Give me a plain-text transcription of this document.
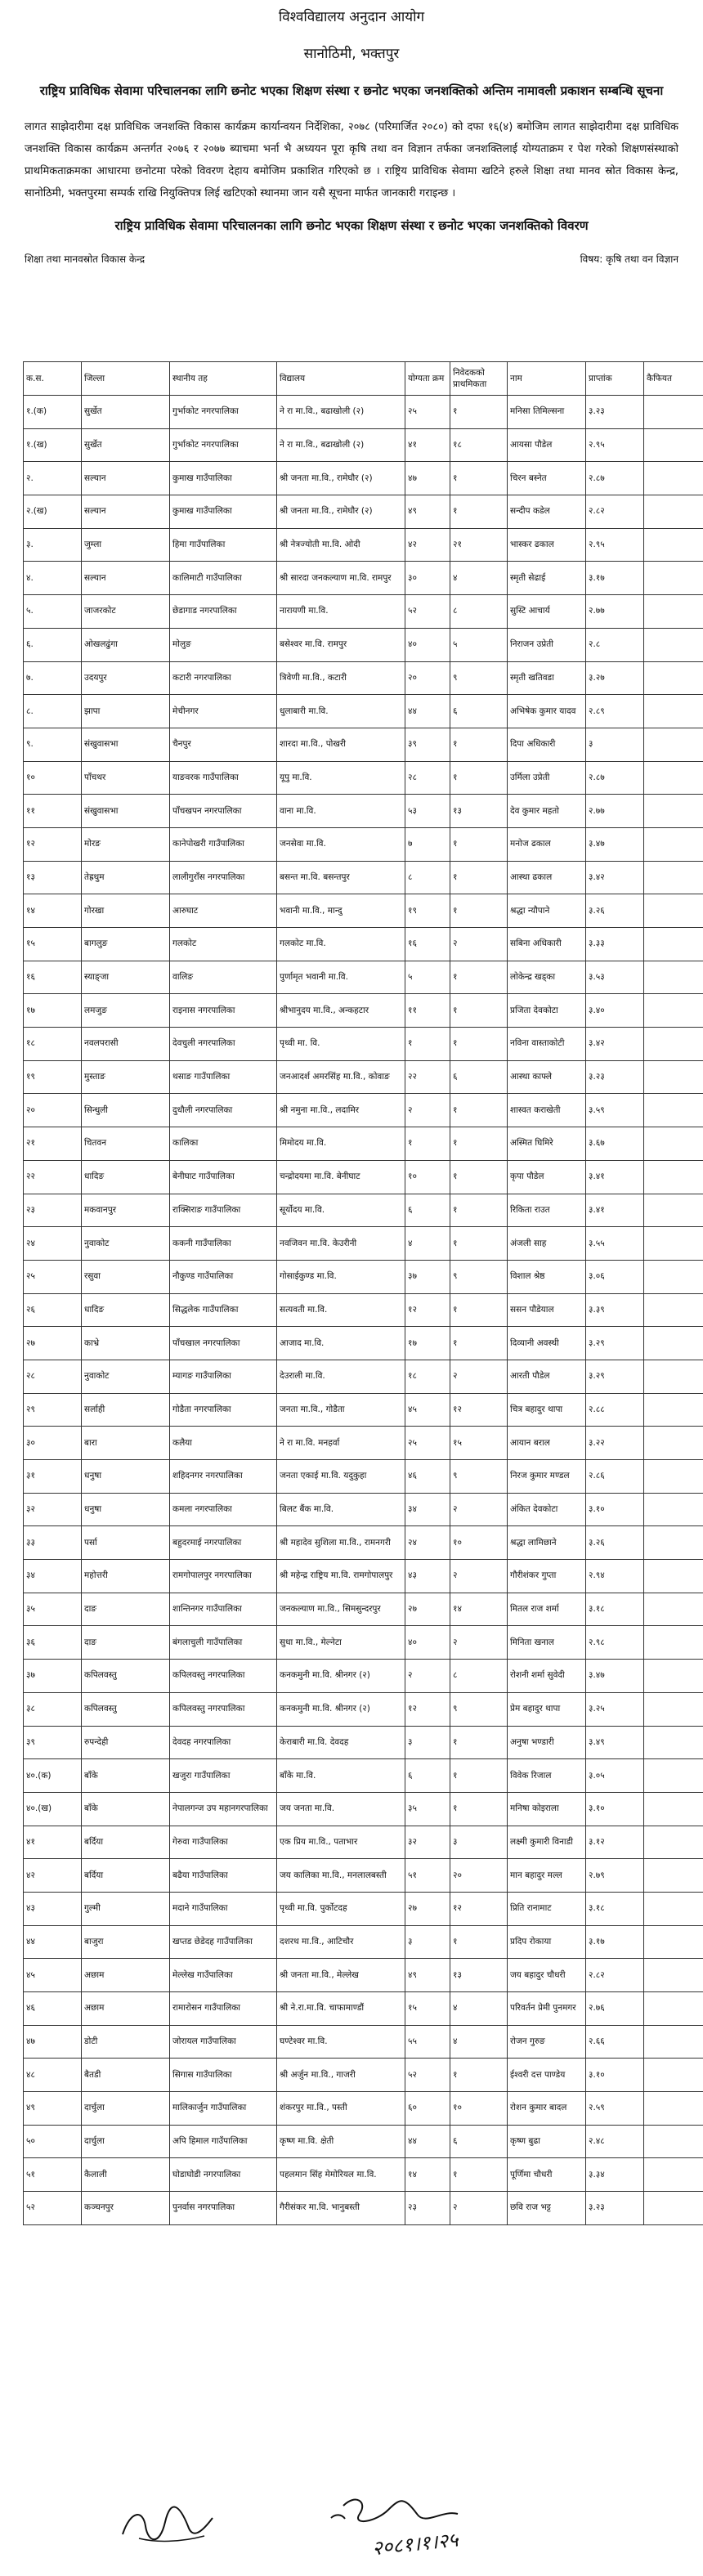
विश्वविद्यालय अनुदान आयोग
सानोठिमी, भक्तपुर
राष्ट्रिय प्राविधिक सेवामा परिचालनका लागि छनोट भएका शिक्षण संस्था र छनोट भएका जनशक्तिको अन्तिम नामावली प्रकाशन सम्बन्धि सूचना
लागत साझेदारीमा दक्ष प्राविधिक जनशक्ति विकास कार्यक्रम कार्यान्वयन निर्देशिका, २०७८ (परिमार्जित २०८०) को दफा १६(४) बमोजिम लागत साझेदारीमा दक्ष प्राविधिक जनशक्ति विकास कार्यक्रम अन्तर्गत २०७६ र २०७७ ब्याचमा भर्ना भै अध्ययन पूरा कृषि तथा वन विज्ञान तर्फका जनशक्तिलाई योग्यताक्रम र पेश गरेको शिक्षणसंस्थाको प्राथमिकताक्रमका आधारमा छनोटमा परेको विवरण देहाय बमोजिम प्रकाशित गरिएको छ । राष्ट्रिय प्राविधिक सेवामा खटिने हरुले शिक्षा तथा मानव स्रोत विकास केन्द्र, सानोठिमी, भक्तपुरमा सम्पर्क राखि नियुक्तिपत्र लिई खटिएको स्थानमा जान यसै सूचना मार्फत जानकारी गराइन्छ ।
राष्ट्रिय प्राविधिक सेवामा परिचालनका लागि छनोट भएका शिक्षण संस्था र छनोट भएका जनशक्तिको विवरण
शिक्षा तथा मानवस्रोत विकास केन्द्र	विषय: कृषि तथा वन विज्ञान
क.स.	जिल्ला	स्थानीय तह	विद्यालय	योग्यता क्रम	निवेदकको प्राथमिकता	नाम	प्राप्तांक	कैफियत
१.(क)	सुर्खेत	गुर्भाकोट नगरपालिका	ने रा मा.वि., बढाखोली (२)	२५	१	मनिसा तिमिल्सना	३.२३	
१.(ख)	सुर्खेत	गुर्भाकोट नगरपालिका	ने रा मा.वि., बढाखोली (२)	४१	१८	आयसा पौडेल	२.९५	
२.	सल्यान	कुमाख गाउँपालिका	श्री जनता मा.वि., रामेघौर (२)	४७	१	चिरन बस्नेत	२.८७	
२.(ख)	सल्यान	कुमाख गाउँपालिका	श्री जनता मा.वि., रामेघौर (२)	४९	१	सन्दीप कडेल	२.८२	
३.	जुम्ला	हिमा गाउँपालिका	श्री नेत्रज्योती मा.वि. ओदी	४२	२१	भास्कर ढकाल	२.९५	
४.	सल्यान	कालिमाटी गाउँपालिका	श्री सारदा जनकल्याण मा.वि. रामपुर	३०	४	स्मृती सेढाई	३.१७	
५.	जाजरकोट	छेडागाड नगरपालिका	नारायणी मा.वि.	५२	८	सुस्टि आचार्य	२.७७	
६.	ओखलढुंगा	मोलुङ	बसेश्वर मा.वि. रामपुर	४०	५	निराजन उप्रेती	२.८	
७.	उदयपुर	कटारी नगरपालिका	त्रिवेणी मा.वि., कटारी	२०	९	स्मृती खतिवडा	३.२७	
८.	झापा	मेचीनगर	धुलाबारी मा.वि.	४४	६	अभिषेक कुमार यादव	२.८९	
९.	संखुवासभा	चैनपुर	शारदा मा.वि., पोखरी	३९	१	दिपा अधिकारी	३	
१०	पाँचथर	याङवरक गाउँपालिका	यूपु मा.वि.	२८	१	उर्मिला उप्रेती	२.८७	
११	संखुवासभा	पाँचखपन नगरपालिका	वाना मा.वि.	५३	१३	देव कुमार महतो	२.७७	
१२	मोरङ	कानेपोखरी गाउँपालिका	जनसेवा मा.वि.	७	१	मनोज ढकाल	३.४७	
१३	तेह्रथुम	लालीगुराँस नगरपालिका	बसन्त मा.वि. बसन्तपुर	८	१	आस्था ढकाल	३.४२	
१४	गोरखा	आरुघाट	भवानी मा.वि., मान्दु	१९	१	श्रद्धा न्यौपाने	३.२६	
१५	बागलुङ	गलकोट	गलकोट मा.वि.	१६	२	सबिना अधिकारी	३.३३	
१६	स्याङ्जा	वालिङ	पुर्णामृत भवानी मा.वि.	५	१	लोकेन्द्र खड्का	३.५३	
१७	लमजुङ	राइनास नगरपालिका	श्रीभानुदय मा.वि., अन्कहटार	११	१	प्रजिता देवकोटा	३.४०	
१८	नवलपरासी	देवचुली नगरपालिका	पृथ्वी मा. वि.	१	१	नविना वास्ताकोटी	३.४२	
१९	मुस्ताङ	थसाङ गाउँपालिका	जनआदर्श अमरसिंह मा.वि., कोवाङ	२२	६	आस्था काफ्ले	३.२३	
२०	सिन्धुली	दुधौली नगरपालिका	श्री नमुना मा.वि., लदामिर	२	१	शास्वत कराखेती	३.५९	
२१	चितवन	कालिका	मिमोदय मा.वि.	१	१	अस्मित घिमिरे	३.६७	
२२	धादिङ	बेनीघाट गाउँपालिका	चन्द्रोदयमा मा.वि. बेनीघाट	१०	१	कृपा पौडेल	३.४१	
२३	मकवानपुर	राक्सिराङ गाउँपालिका	सूर्योदय मा.वि.	६	१	रिकिता राउत	३.४१	
२४	नुवाकोट	ककनी गाउँपालिका	नवजिवन मा.वि. केउरीनी	४	१	अंजली साह	३.५५	
२५	रसुवा	नौकुण्ड गाउँपालिका	गोसाईकुण्ड मा.वि.	३७	९	विशाल श्रेष्ठ	३.०६	
२६	धादिङ	सिद्धलेक गाउँपालिका	सत्यवती मा.वि.	१२	१	ससन पौडेयाल	३.३९	
२७	काभ्रे	पाँचखाल नगरपालिका	आजाद मा.वि.	१७	१	दिव्यानी अवस्थी	३.२९	
२८	नुवाकोट	म्यागङ गाउँपालिका	देउराली मा.वि.	१८	२	आरती पौडेल	३.२९	
२९	सर्लाही	गोडैता नगरपालिका	जनता मा.वि., गोडैता	४५	१२	चित्र बहादुर थापा	२.८८	
३०	बारा	कलैया	ने रा मा.वि. मनहर्वा	२५	१५	आयान बराल	३.२२	
३१	धनुषा	शहिदनगर नगरपालिका	जनता एकाई मा.वि. यदुकुहा	४६	९	निरज कुमार मण्डल	२.८६	
३२	धनुषा	कमला नगरपालिका	बिलट बैंक मा.वि.	३४	२	अंकित देवकोटा	३.१०	
३३	पर्सा	बहुदरमाई नगरपालिका	श्री महादेव सुशिला मा.वि., रामनगरी	२४	१०	श्रद्धा लामिछाने	३.२६	
३४	महोत्तरी	रामगोपालपुर नगरपालिका	श्री महेन्द्र राष्ट्रिय मा.वि. रामगोपालपुर	४३	२	गौरीशंकर गुप्ता	२.९४	
३५	दाङ	शान्तिनगर गाउँपालिका	जनकल्याण मा.वि., सिमसुन्दरपुर	२७	१४	मितल राज शर्मा	३.१८	
३६	दाङ	बंगलाचुली गाउँपालिका	सुधा मा.वि., मेल्नेटा	४०	२	मिनिता खनाल	२.९८	
३७	कपिलवस्तु	कपिलवस्तु नगरपालिका	कनकमुनी मा.वि. श्रीनगर (२)	२	८	रोशनी शर्मा सुवेदी	३.४७	
३८	कपिलवस्तु	कपिलवस्तु नगरपालिका	कनकमुनी मा.वि. श्रीनगर (२)	१२	९	प्रेम बहादुर थापा	३.२५	
३९	रुपन्देही	देवदह नगरपालिका	केराबारी मा.वि. देवदह	३	१	अनुषा भण्डारी	३.४९	
४०.(क)	बाँके	खजुरा गाउँपालिका	बाँके मा.वि.	६	१	विवेक रिजाल	३.०५	
४०.(ख)	बाँके	नेपालगन्ज उप महानगरपालिका	जय जनता मा.वि.	३५	१	मनिषा कोइराला	३.१०	
४१	बर्दिया	गेरुवा गाउँपालिका	एक प्रिय मा.वि., पताभार	३२	३	लक्ष्मी कुमारी विनाडी	३.१२	
४२	बर्दिया	बढैया गाउँपालिका	जय कालिका मा.वि., मनलालबस्ती	५१	२०	मान बहादुर मल्ल	२.७९	
४३	गुल्मी	मदाने गाउँपालिका	पृथ्वी मा.वि. पुर्कोटदह	२७	१२	प्रिति रानामाट	३.१८	
४४	बाजुरा	खप्तड छेडेदह गाउँपालिका	दशरथ मा.वि., आटिचौर	३	१	प्रदिप रोकाया	३.१७	
४५	अछाम	मेल्लेख गाउँपालिका	श्री जनता मा.वि., मेल्लेख	४९	१३	जय बहादुर चौधरी	२.८२	
४६	अछाम	रामारोसन गाउँपालिका	श्री ने.रा.मा.वि. चाफामाण्डौं	१५	४	परिवर्तन प्रेमी पुनमगर	२.७६	
४७	डोटी	जोरायल गाउँपालिका	घण्टेश्वर मा.वि.	५५	४	रोजन गुरुङ	२.६६	
४८	बैतडी	सिगास गाउँपालिका	श्री अर्जुन मा.वि., गाजरी	५२	१	ईश्वरी दत्त पाण्डेय	३.१०	
४९	दार्चुला	मालिकार्जुन गाउँपालिका	शंकरपुर मा.वि., पस्ती	६०	१०	रोशन कुमार बादल	२.५९	
५०	दार्चुला	अपि हिमाल गाउँपालिका	कृष्ण मा.वि. क्षेती	४४	६	कृष्ण बुढा	२.४८	
५१	कैलाली	घोडाघोडी नगरपालिका	पहलमान सिंह मेमोरियल मा.वि.	१४	१	पूर्णिमा चौधरी	३.३४	
५२	कञ्चनपुर	पुनर्वास नगरपालिका	गैरीसंकर मा.वि. भानुबस्ती	२३	२	छवि राज भट्ट	३.२३	
२०८१।१।२५
